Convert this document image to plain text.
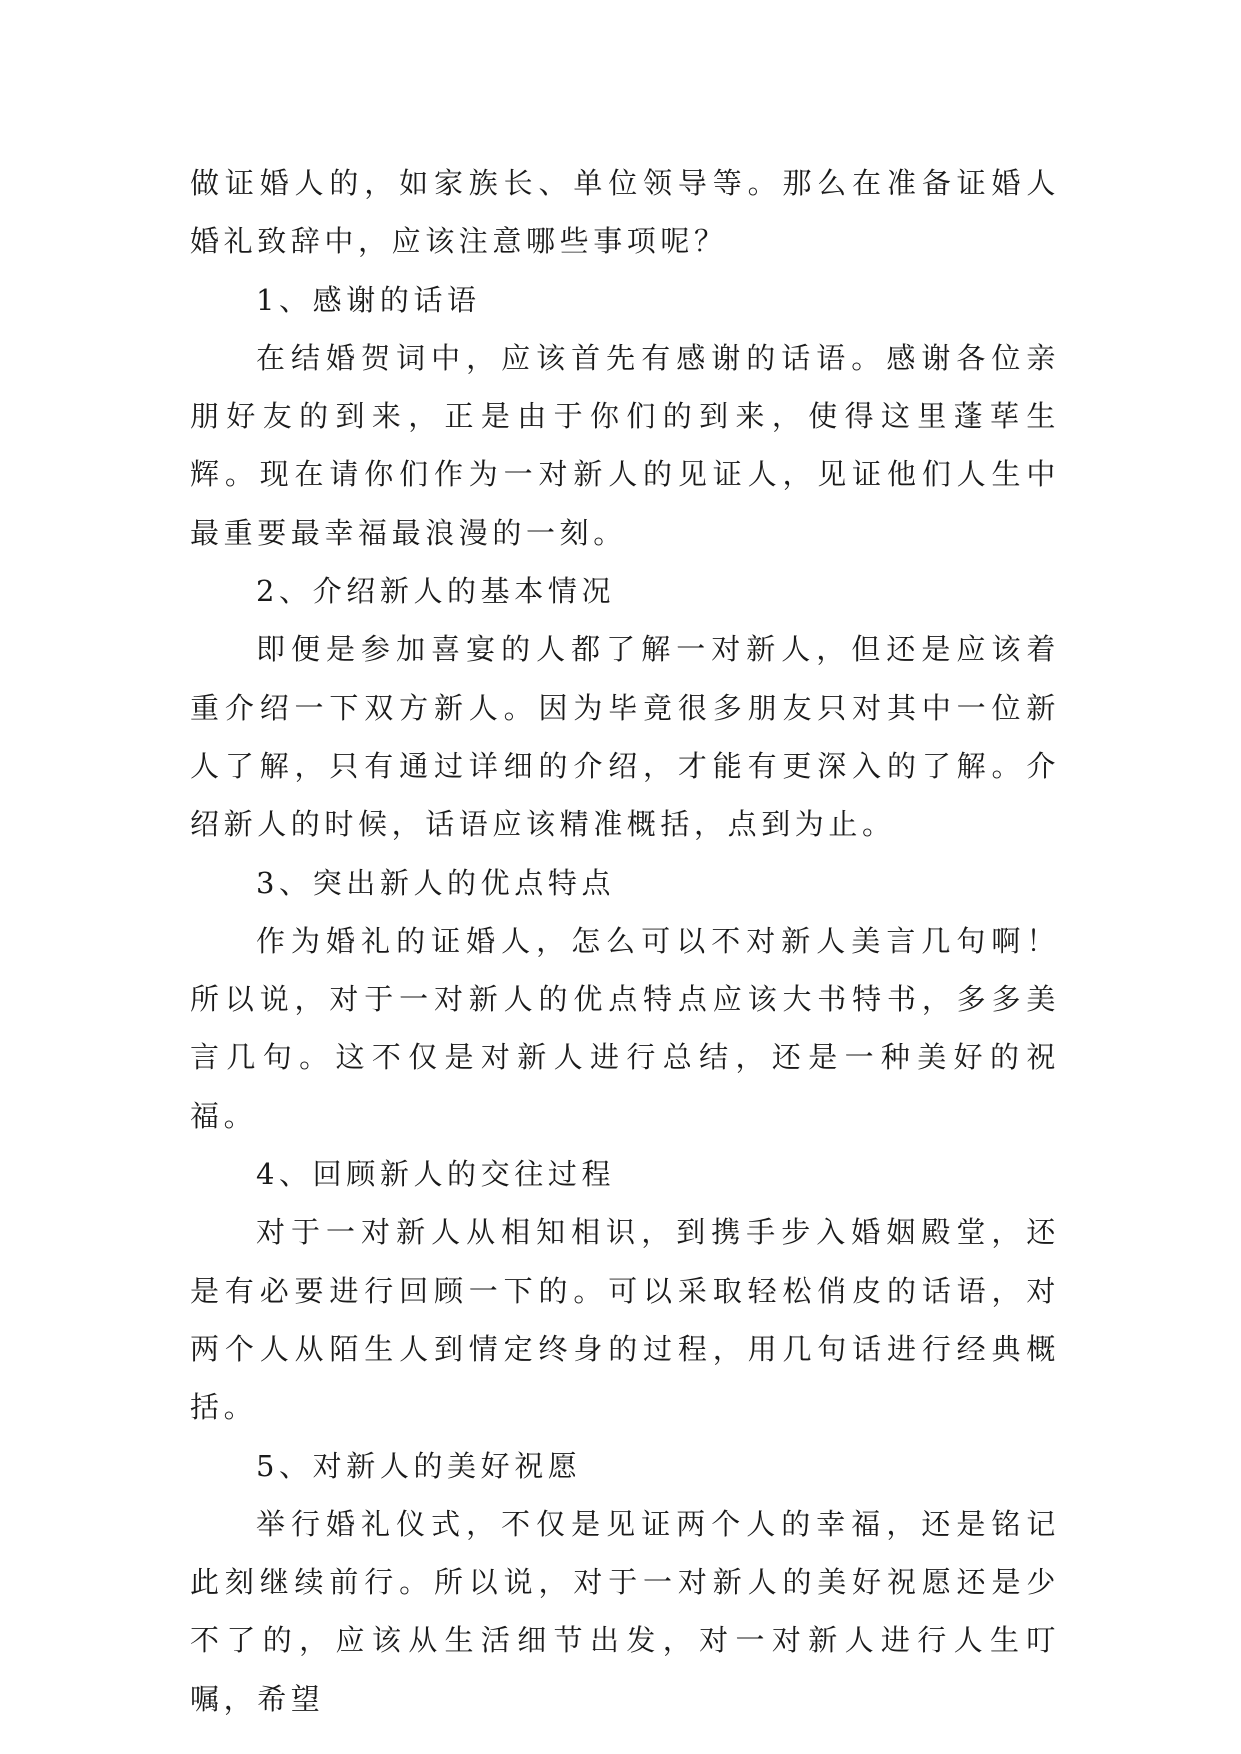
做证婚人的，如家族长、单位领导等。那么在准备证婚人婚礼致辞中，应该注意哪些事项呢？

1、感谢的话语

在结婚贺词中，应该首先有感谢的话语。感谢各位亲朋好友的到来，正是由于你们的到来，使得这里蓬荜生辉。现在请你们作为一对新人的见证人，见证他们人生中最重要最幸福最浪漫的一刻。

2、介绍新人的基本情况

即便是参加喜宴的人都了解一对新人，但还是应该着重介绍一下双方新人。因为毕竟很多朋友只对其中一位新人了解，只有通过详细的介绍，才能有更深入的了解。介绍新人的时候，话语应该精准概括，点到为止。

3、突出新人的优点特点

作为婚礼的证婚人，怎么可以不对新人美言几句啊！所以说，对于一对新人的优点特点应该大书特书，多多美言几句。这不仅是对新人进行总结，还是一种美好的祝福。

4、回顾新人的交往过程

对于一对新人从相知相识，到携手步入婚姻殿堂，还是有必要进行回顾一下的。可以采取轻松俏皮的话语，对两个人从陌生人到情定终身的过程，用几句话进行经典概括。

5、对新人的美好祝愿

举行婚礼仪式，不仅是见证两个人的幸福，还是铭记此刻继续前行。所以说，对于一对新人的美好祝愿还是少不了的，应该从生活细节出发，对一对新人进行人生叮嘱，希望
